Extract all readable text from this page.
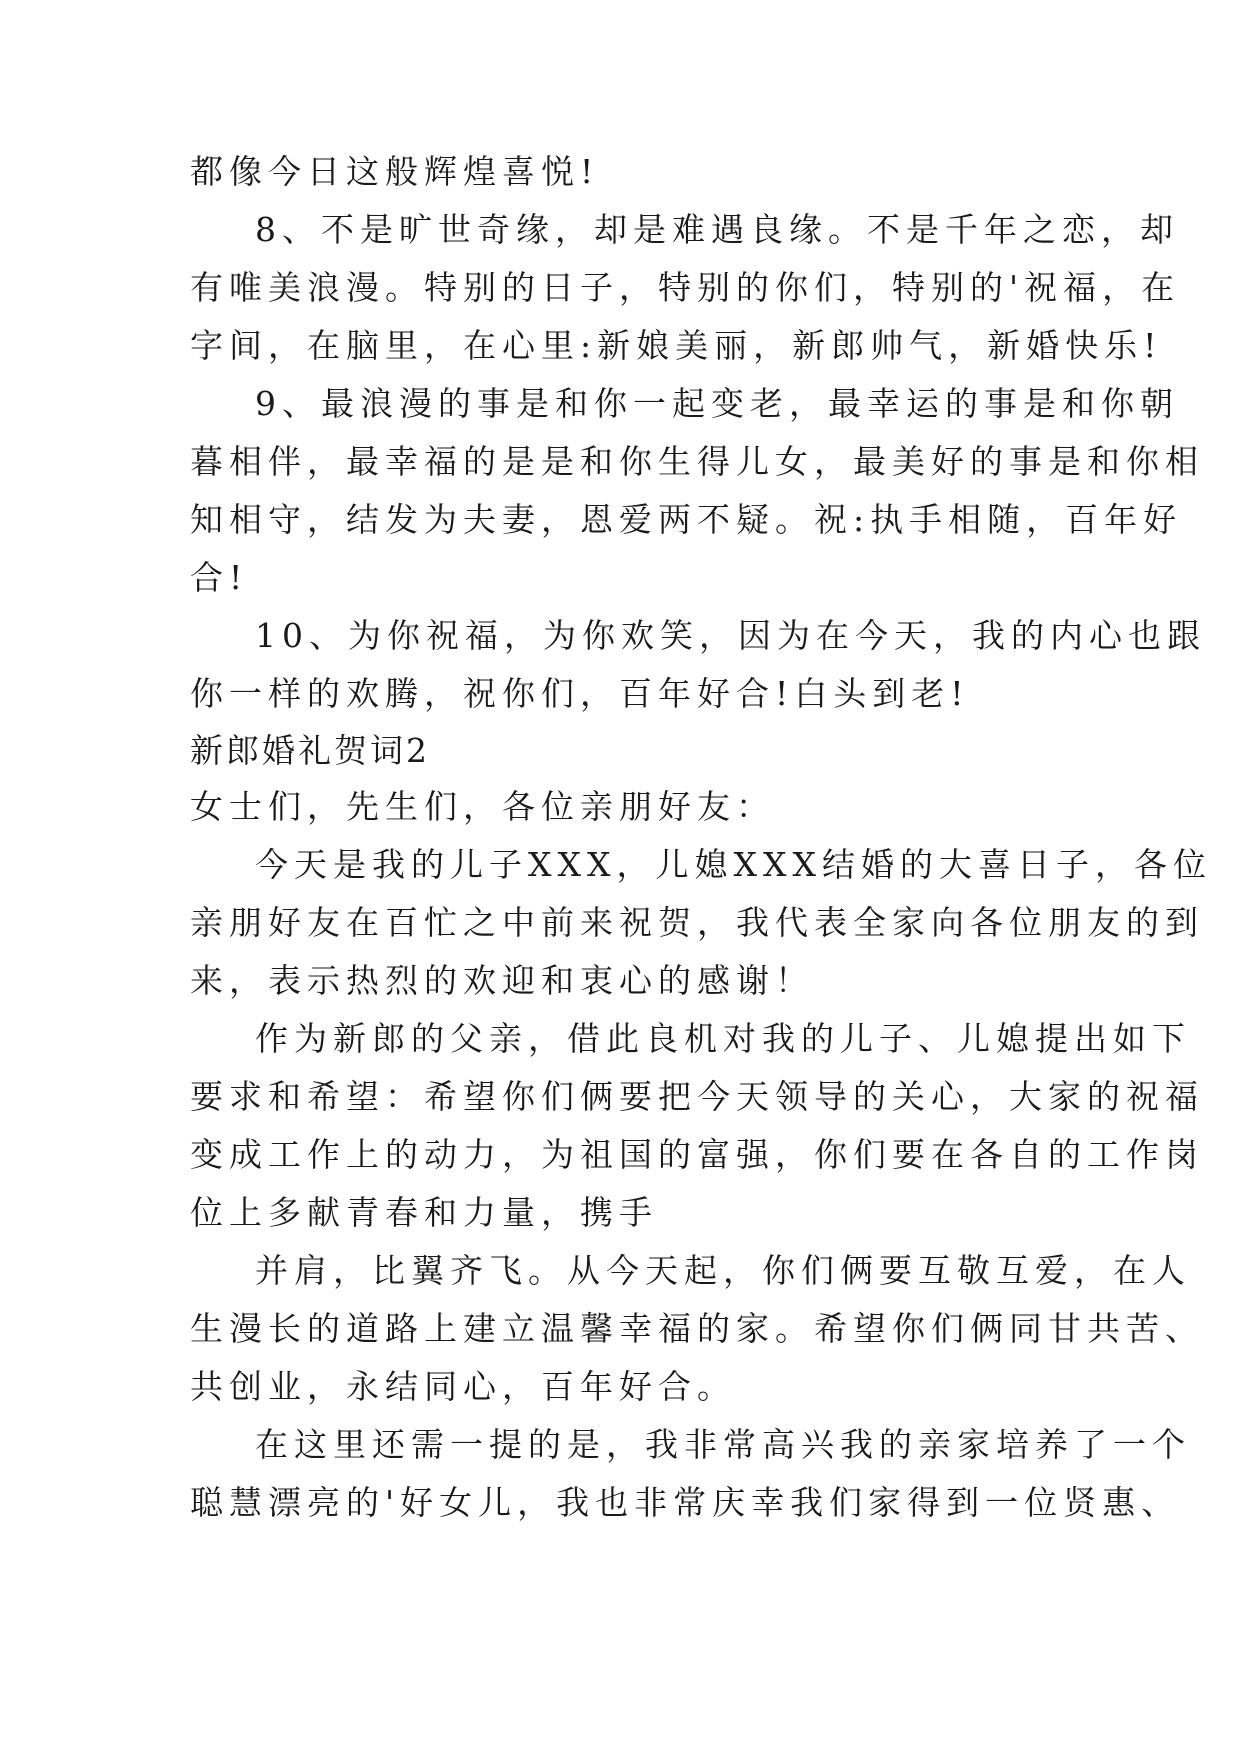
都像今日这般辉煌喜悦!
8、不是旷世奇缘，却是难遇良缘。不是千年之恋，却
有唯美浪漫。特别的日子，特别的你们，特别的'祝福，在
字间，在脑里，在心里:新娘美丽，新郎帅气，新婚快乐!
9、最浪漫的事是和你一起变老，最幸运的事是和你朝
暮相伴，最幸福的是是和你生得儿女，最美好的事是和你相
知相守，结发为夫妻，恩爱两不疑。祝:执手相随，百年好
合!
10、为你祝福，为你欢笑，因为在今天，我的内心也跟
你一样的欢腾，祝你们，百年好合!白头到老!
新郎婚礼贺词2
女士们，先生们，各位亲朋好友：
今天是我的儿子XXX，儿媳XXX结婚的大喜日子，各位
亲朋好友在百忙之中前来祝贺，我代表全家向各位朋友的到
来，表示热烈的欢迎和衷心的感谢！
作为新郎的父亲，借此良机对我的儿子、儿媳提出如下
要求和希望：希望你们俩要把今天领导的关心，大家的祝福
变成工作上的动力，为祖国的富强，你们要在各自的工作岗
位上多献青春和力量，携手
并肩，比翼齐飞。从今天起，你们俩要互敬互爱，在人
生漫长的道路上建立温馨幸福的家。希望你们俩同甘共苦、
共创业，永结同心，百年好合。
在这里还需一提的是，我非常高兴我的亲家培养了一个
聪慧漂亮的'好女儿，我也非常庆幸我们家得到一位贤惠、
